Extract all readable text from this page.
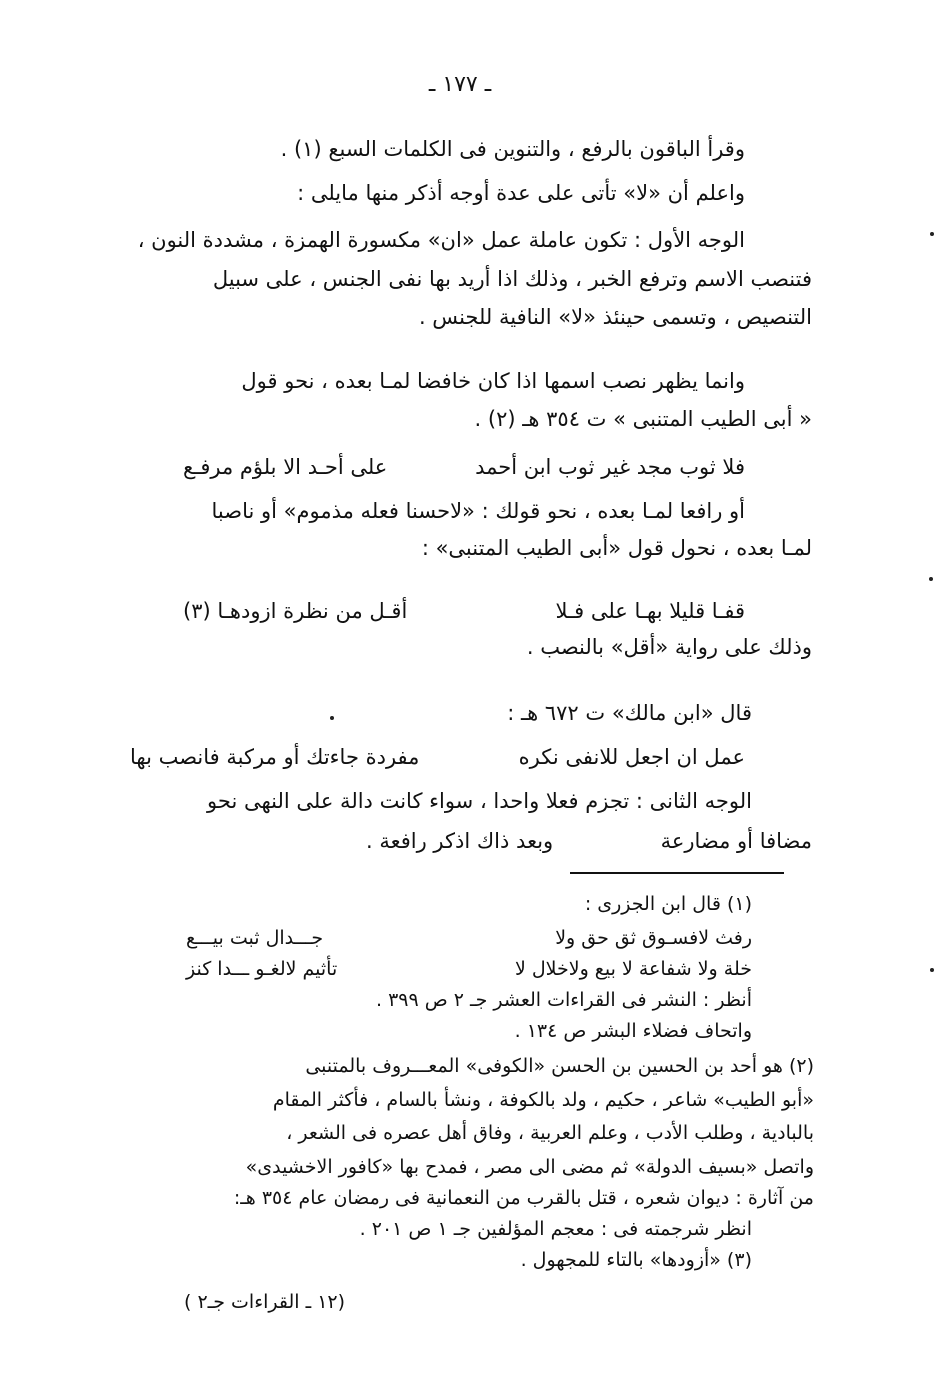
ـ ١٧٧ ـ
وقرأ الباقون بالرفع ، والتنوين فى الكلمات السبع (١) .
واعلم أن «لا» تأتى على عدة أوجه أذكر منها مايلى :
الوجه الأول : تكون عاملة عمل «ان» مكسورة الهمزة ، مشددة النون ،
فتنصب الاسم وترفع الخبر ، وذلك اذا أريد بها نفى الجنس ، على سبيل
التنصيص ، وتسمى حينئذ «لا» النافية للجنس .
وانما يظهر نصب اسمها اذا كان خافضا لمـا بعده ، نحو قول
« أبى الطيب المتنبى » ت ٣٥٤ هـ (٢) .
فلا ثوب مجد غير ثوب ابن أحمد
على أحـد الا بلؤم مرفـع
أو رافعا لمـا بعده ، نحو قولك : «لاحسنا فعله مذموم» أو ناصبا
لمـا بعده ، نحول قول «أبى الطيب المتنبى» :
قفـا قليلا بهـا على فـلا
أقـل من نظرة ازودهـا (٣)
وذلك على رواية «أقل» بالنصب .
قال «ابن مالك» ت ٦٧٢ هـ :
عمل ان اجعل للانفى نكره
مفردة جاءتك أو مركبة فانصب بها
الوجه الثانى : تجزم فعلا واحدا ، سواء كانت دالة على النهى نحو
مضافا أو مضارعة
وبعد ذاك اذكر رافعة .
(١) قال ابن الجزرى :
رفث لافسـوق ثق حق ولا
جـــدال ثبت بيـــع
خلة ولا شفاعة لا بيع ولاخلال لا
تأثيم لالغـو ـــدا كنز
أنظر : النشر فى القراءات العشر جـ ٢ ص ٣٩٩ .
واتحاف فضلاء البشر ص ١٣٤ .
(٢) هو أحد بن الحسين بن الحسن «الكوفى» المعـــروف بالمتنبى
«أبو الطيب» شاعر ، حكيم ، ولد بالكوفة ، ونشأ بالسام ، فأكثر المقام
بالبادية ، وطلب الأدب ، وعلم العربية ، وفاق أهل عصره فى الشعر ،
واتصل «بسيف الدولة» ثم مضى الى مصر ، فمدح بها «كافور الاخشيدى»
من آثارة : ديوان شعره ، قتل بالقرب من النعمانية فى رمضان عام ٣٥٤ هـ:
انظر شرجمته فى : معجم المؤلفين جـ ١ ص ٢٠١ .
(٣) «أزودها» بالتاء للمجهول .
(١٢ ـ القراءات جـ٢ )
